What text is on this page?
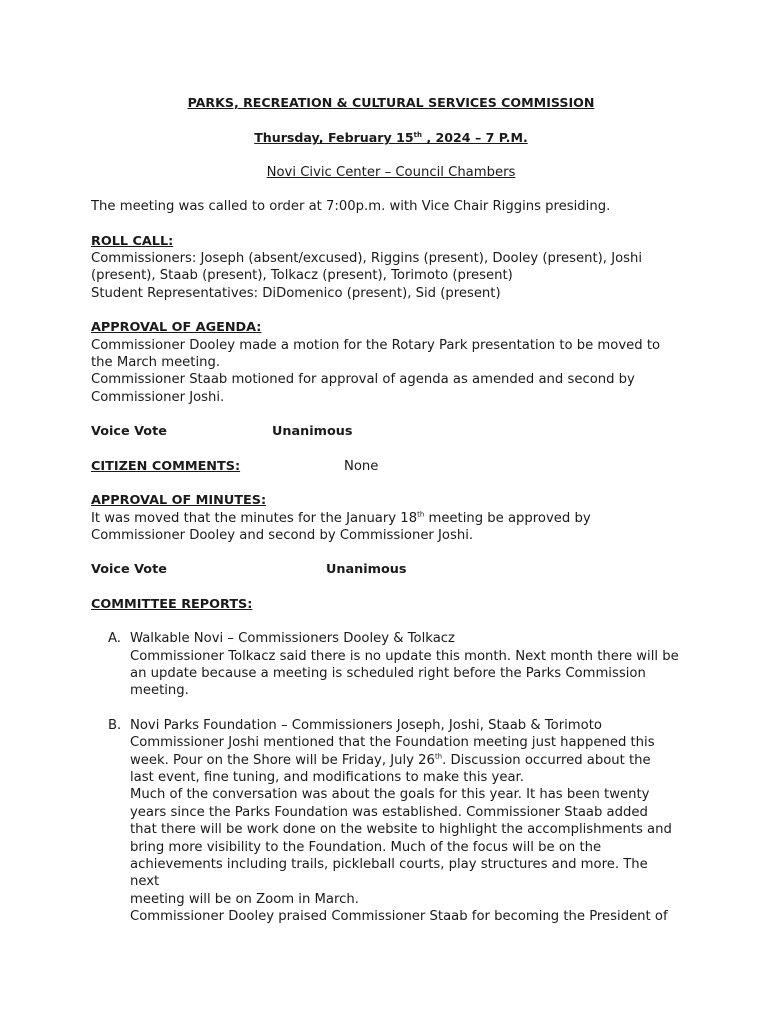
PARKS, RECREATION & CULTURAL SERVICES COMMISSION
Thursday, February 15th , 2024 – 7 P.M.
Novi Civic Center – Council Chambers

The meeting was called to order at 7:00p.m. with Vice Chair Riggins presiding.

ROLL CALL:

Commissioners: Joseph (absent/excused), Riggins (present), Dooley (present), Joshi

(present), Staab (present), Tolkacz (present), Torimoto (present)

Student Representatives: DiDomenico (present), Sid (present)

APPROVAL OF AGENDA:

Commissioner Dooley made a motion for the Rotary Park presentation to be moved to

the March meeting.

Commissioner Staab motioned for approval of agenda as amended and second by

Commissioner Joshi.

Voice Vote	Unanimous
CITIZEN COMMENTS:	None
APPROVAL OF MINUTES:

It was moved that the minutes for the January 18th meeting be approved by

Commissioner Dooley and second by Commissioner Joshi.

Voice Vote	Unanimous
COMMITTEE REPORTS:
A. Walkable Novi – Commissioners Dooley & Tolkacz

Commissioner Tolkacz said there is no update this month. Next month there will be

an update because a meeting is scheduled right before the Parks Commission

meeting.

B. Novi Parks Foundation – Commissioners Joseph, Joshi, Staab & Torimoto

Commissioner Joshi mentioned that the Foundation meeting just happened this

week. Pour on the Shore will be Friday, July 26th. Discussion occurred about the

last event, fine tuning, and modifications to make this year.

Much of the conversation was about the goals for this year. It has been twenty

years since the Parks Foundation was established. Commissioner Staab added

that there will be work done on the website to highlight the accomplishments and

bring more visibility to the Foundation. Much of the focus will be on the

achievements including trails, pickleball courts, play structures and more. The next

meeting will be on Zoom in March.

Commissioner Dooley praised Commissioner Staab for becoming the President of
